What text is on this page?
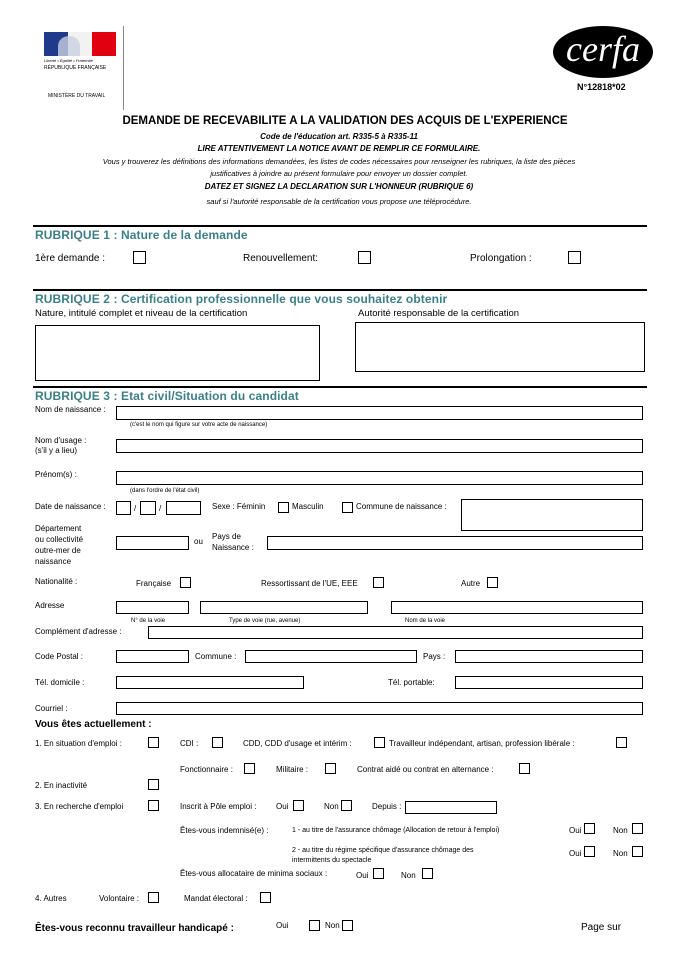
Liberté • Égalité • Fraternité
RÉPUBLIQUE FRANÇAISE
MINISTÈRE DU TRAVAIL
cerfa
N°12818*02
DEMANDE DE RECEVABILITE A LA VALIDATION DES ACQUIS DE L'EXPERIENCE
Code de l'éducation art. R335-5 à R335-11
LIRE ATTENTIVEMENT LA NOTICE AVANT DE REMPLIR CE FORMULAIRE.
Vous y trouverez les définitions des informations demandées, les listes de codes nécessaires pour renseigner les rubriques, la liste des pièces
justificatives à joindre au présent formulaire pour envoyer un dossier complet.
DATEZ ET SIGNEZ LA DECLARATION SUR L'HONNEUR (RUBRIQUE 6)
sauf si l'autorité responsable de la certification vous propose une téléprocédure.
RUBRIQUE 1 : Nature de la demande
1ère demande :	Renouvellement:	Prolongation :
RUBRIQUE 2 : Certification professionnelle que vous souhaitez obtenir
Nature, intitulé complet et niveau de la certification	Autorité responsable de la certification
RUBRIQUE 3 : Etat civil/Situation du candidat
Nom de naissance :
(c'est le nom qui figure sur votre acte de naissance)
Nom d'usage :
(s'il y a lieu)
Prénom(s) :
(dans l'ordre de l'état civil)
Date de naissance :	/	/	Sexe : Féminin	Masculin	Commune de naissance :
Département
ou collectivité
outre-mer de
naissance
ou
Pays de
Naissance :
Nationalité :	Française	Ressortissant de l'UE, EEE	Autre
Adresse
N° de la voie	Type de voie (rue, avenue)	Nom de la voie
Complément d'adresse :
Code Postal :	Commune :	Pays :
Tél. domicile :	Tél. portable:
Courriel :
Vous êtes actuellement :
1. En situation d'emploi :	CDI :	CDD, CDD d'usage et intérim :	Travailleur indépendant, artisan, profession libérale :
Fonctionnaire :	Militaire :	Contrat aidé ou contrat en alternance :
2. En inactivité
3. En recherche d'emploi	Inscrit à Pôle emploi : Oui	Non	Depuis :
Êtes-vous indemnisé(e) :	1 - au titre de l'assurance chômage (Allocation de retour à l'emploi)	Oui	Non
2 - au titre du régime spécifique d'assurance chômage des
intermittents du spectacle
Oui	Non
Êtes-vous allocataire de minima sociaux :	Oui	Non
4. Autres	Volontaire :	Mandat électoral :
Êtes-vous reconnu travailleur handicapé :	Oui	Non	Page sur
